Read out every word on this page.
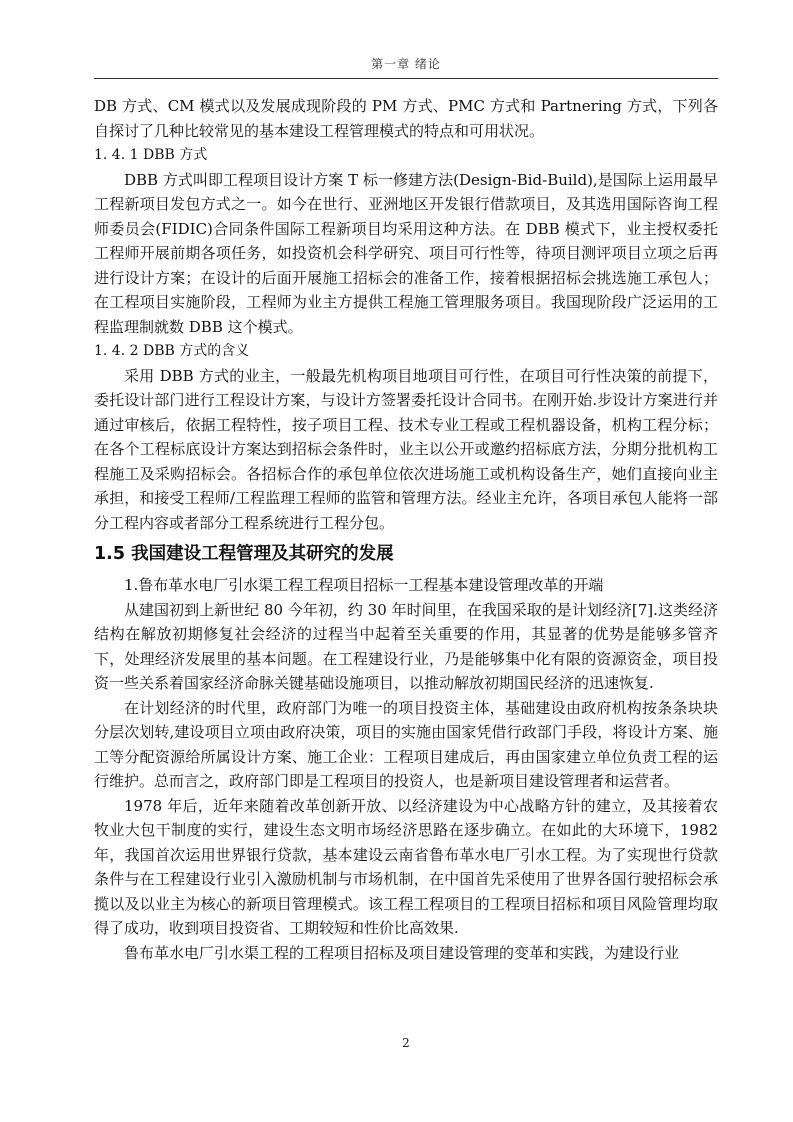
第一章 绪论

DB 方式、CM 模式以及发展成现阶段的 PM 方式、PMC 方式和 Partnering 方式，下列各自探讨了几种比较常见的基本建设工程管理模式的特点和可用状况。

1. 4. 1 DBB 方式

DBB 方式叫即工程项目设计方案 T 标一修建方法(Design-Bid-Build),是国际上运用最早工程新项目发包方式之一。如今在世行、亚洲地区开发银行借款项目，及其选用国际咨询工程师委员会(FIDIC)合同条件国际工程新项目均采用这种方法。在 DBB 模式下，业主授权委托工程师开展前期各项任务，如投资机会科学研究、项目可行性等，待项目测评项目立项之后再进行设计方案；在设计的后面开展施工招标会的准备工作，接着根据招标会挑选施工承包人；在工程项目实施阶段，工程师为业主方提供工程施工管理服务项目。我国现阶段广泛运用的工程监理制就数 DBB 这个模式。

1. 4. 2 DBB 方式的含义

采用 DBB 方式的业主，一般最先机构项目地项目可行性，在项目可行性决策的前提下，委托设计部门进行工程设计方案，与设计方签署委托设计合同书。在刚开始.步设计方案进行并通过审核后，依据工程特性，按子项目工程、技术专业工程或工程机器设备，机构工程分标；在各个工程标底设计方案达到招标会条件时，业主以公开或邀约招标底方法，分期分批机构工程施工及采购招标会。各招标合作的承包单位依次进场施工或机构设备生产，她们直接向业主承担，和接受工程师/工程监理工程师的监管和管理方法。经业主允许，各项目承包人能将一部分工程内容或者部分工程系统进行工程分包。

1.5 我国建设工程管理及其研究的发展

1.鲁布革水电厂引水渠工程工程项目招标一工程基本建设管理改革的开端

从建国初到上新世纪 80 今年初，约 30 年时间里，在我国采取的是计划经济[7].这类经济结构在解放初期修复社会经济的过程当中起着至关重要的作用，其显著的优势是能够多管齐下，处理经济发展里的基本问题。在工程建设行业，乃是能够集中化有限的资源资金，项目投资一些关系着国家经济命脉关键基础设施项目，以推动解放初期国民经济的迅速恢复.

在计划经济的时代里，政府部门为唯一的项目投资主体，基础建设由政府机构按条条块块分层次划转,建设项目立项由政府决策，项目的实施由国家凭借行政部门手段，将设计方案、施工等分配资源给所属设计方案、施工企业：工程项目建成后，再由国家建立单位负责工程的运行维护。总而言之，政府部门即是工程项目的投资人，也是新项目建设管理者和运营者。

1978 年后，近年来随着改革创新开放、以经济建设为中心战略方针的建立，及其接着农牧业大包干制度的实行，建设生态文明市场经济思路在逐步确立。在如此的大环境下，1982 年，我国首次运用世界银行贷款，基本建设云南省鲁布革水电厂引水工程。为了实现世行贷款条件与在工程建设行业引入激励机制与市场机制，在中国首先采使用了世界各国行驶招标会承揽以及以业主为核心的新项目管理模式。该工程工程项目的工程项目招标和项目风险管理均取得了成功，收到项目投资省、工期较短和性价比高效果.

鲁布革水电厂引水渠工程的工程项目招标及项目建设管理的变革和实践，为建设行业

2
